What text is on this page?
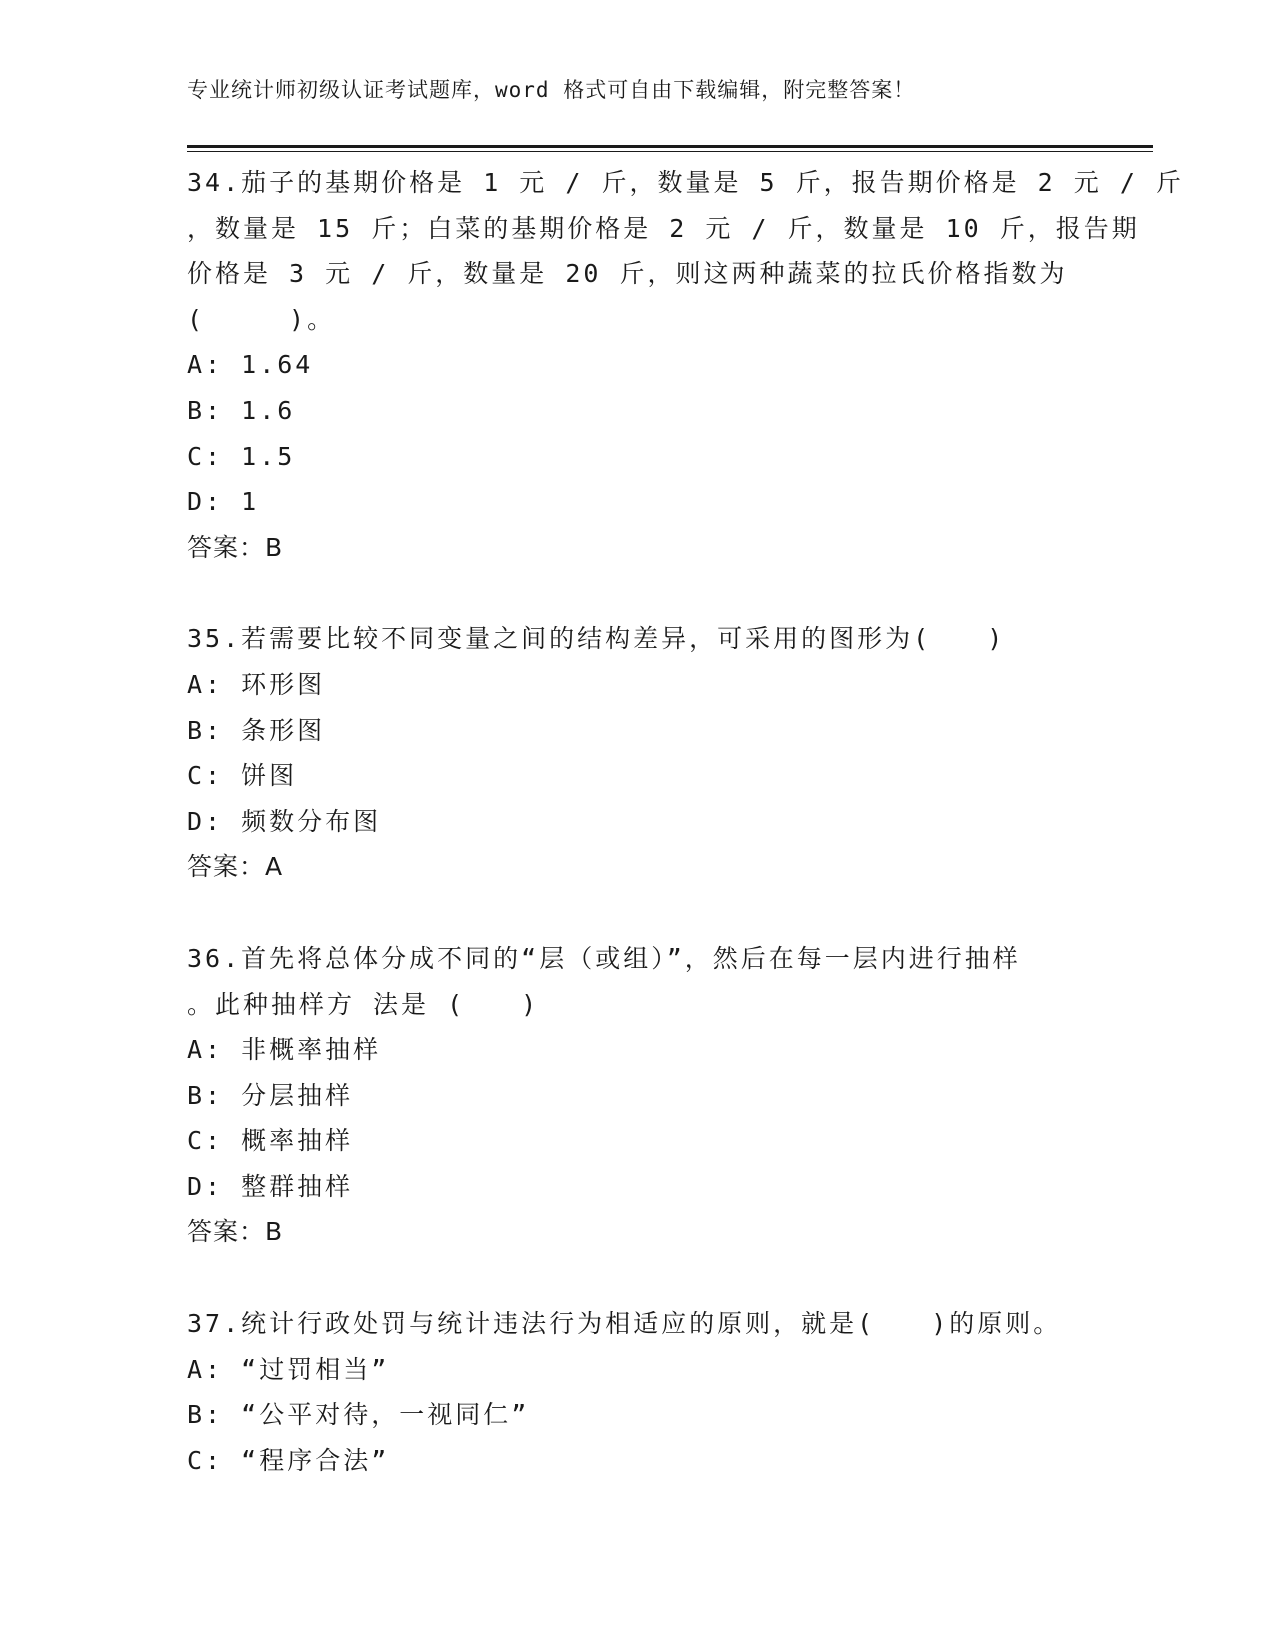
专业统计师初级认证考试题库，word 格式可自由下载编辑，附完整答案！
34.茄子的基期价格是 1 元 / 斤，数量是 5 斤，报告期价格是 2 元 / 斤
，数量是 15 斤；白菜的基期价格是 2 元 / 斤，数量是 10 斤，报告期
价格是 3 元 / 斤，数量是 20 斤，则这两种蔬菜的拉氏价格指数为
(　　　)。
A: 1.64
B: 1.6
C: 1.5
D: 1
答案：B
35.若需要比较不同变量之间的结构差异，可采用的图形为(　　)
A: 环形图
B: 条形图
C: 饼图
D: 频数分布图
答案：A
36.首先将总体分成不同的“层（或组）”，然后在每一层内进行抽样
。此种抽样方 法是 (　　)
A: 非概率抽样
B: 分层抽样
C: 概率抽样
D: 整群抽样
答案：B
37.统计行政处罚与统计违法行为相适应的原则，就是(　　)的原则。
A: “过罚相当”
B: “公平对待，一视同仁”
C: “程序合法”
